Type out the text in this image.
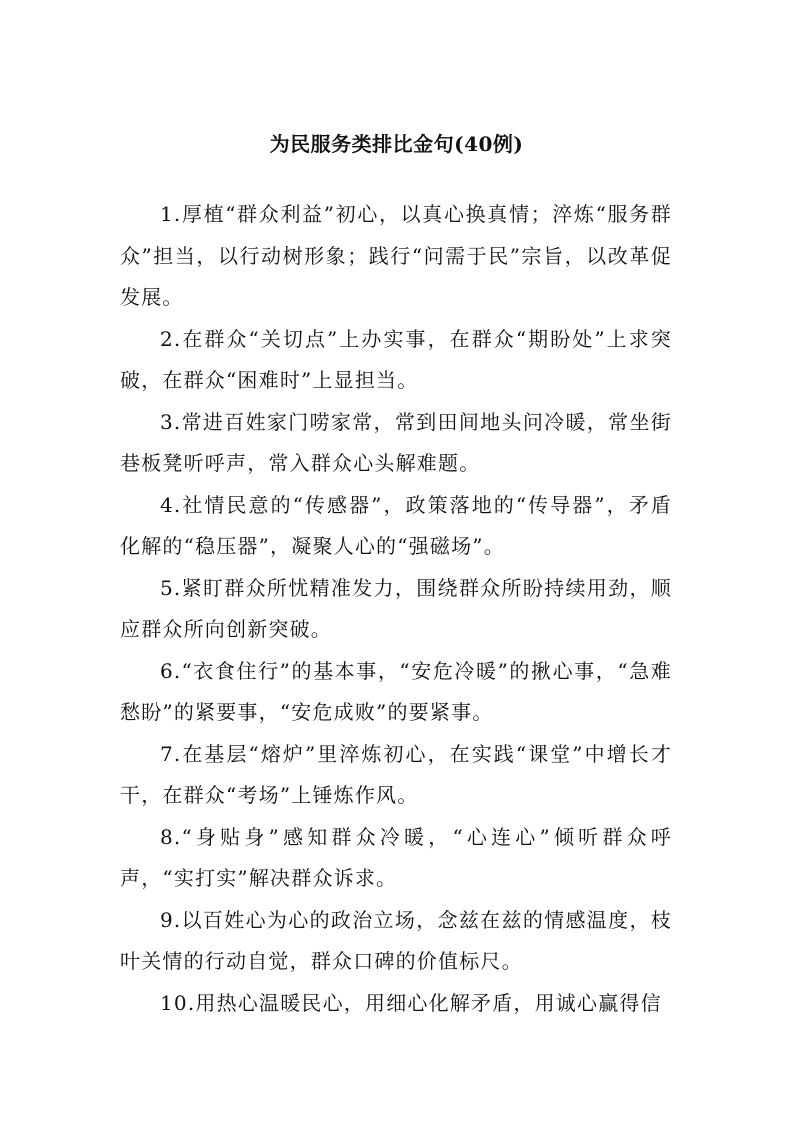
为民服务类排比金句(40例)

1.厚植“群众利益”初心，以真心换真情；淬炼“服务群众”担当，以行动树形象；践行“问需于民”宗旨，以改革促发展。

2.在群众“关切点”上办实事，在群众“期盼处”上求突破，在群众“困难时”上显担当。

3.常进百姓家门唠家常，常到田间地头问冷暖，常坐街巷板凳听呼声，常入群众心头解难题。

4.社情民意的“传感器”，政策落地的“传导器”，矛盾化解的“稳压器”，凝聚人心的“强磁场”。

5.紧盯群众所忧精准发力，围绕群众所盼持续用劲，顺应群众所向创新突破。

6.“衣食住行”的基本事，“安危冷暖”的揪心事，“急难愁盼”的紧要事，“安危成败”的要紧事。

7.在基层“熔炉”里淬炼初心，在实践“课堂”中增长才干，在群众“考场”上锤炼作风。

8.“身贴身”感知群众冷暖，“心连心”倾听群众呼声，“实打实”解决群众诉求。

9.以百姓心为心的政治立场，念兹在兹的情感温度，枝叶关情的行动自觉，群众口碑的价值标尺。

10.用热心温暖民心，用细心化解矛盾，用诚心赢得信
